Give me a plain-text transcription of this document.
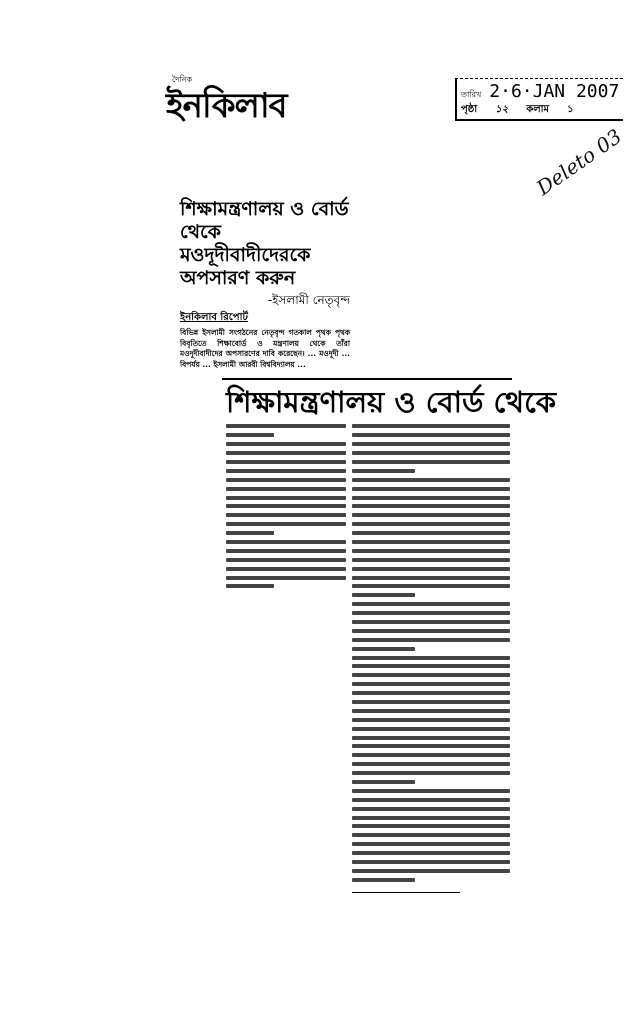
দৈনিক
ইনকিলাব	তারিখ 2·6·JAN 2007
পৃষ্ঠা ১২ কলাম ১
Deleto 03
শিক্ষামন্ত্রণালয় ও বোর্ড থেকে মওদূদীবাদীদেরকে অপসারণ করুন
-ইসলামী নেতৃবৃন্দ
ইনকিলাব রিপোর্ট
বিভিন্ন ইসলামী সংগঠনের নেতৃবৃন্দ গতকাল পৃথক পৃথক বিবৃতিতে শিক্ষাবোর্ড ও মন্ত্রণালয় থেকে তাঁরা মওদূদীবাদীদের অপসারণের দাবি করেছেন। ... মওদূদী ... বিপর্যয় ... ইসলামী আরবী বিশ্ববিদ্যালয় ...
শিক্ষামন্ত্রণালয় ও বোর্ড থেকে
